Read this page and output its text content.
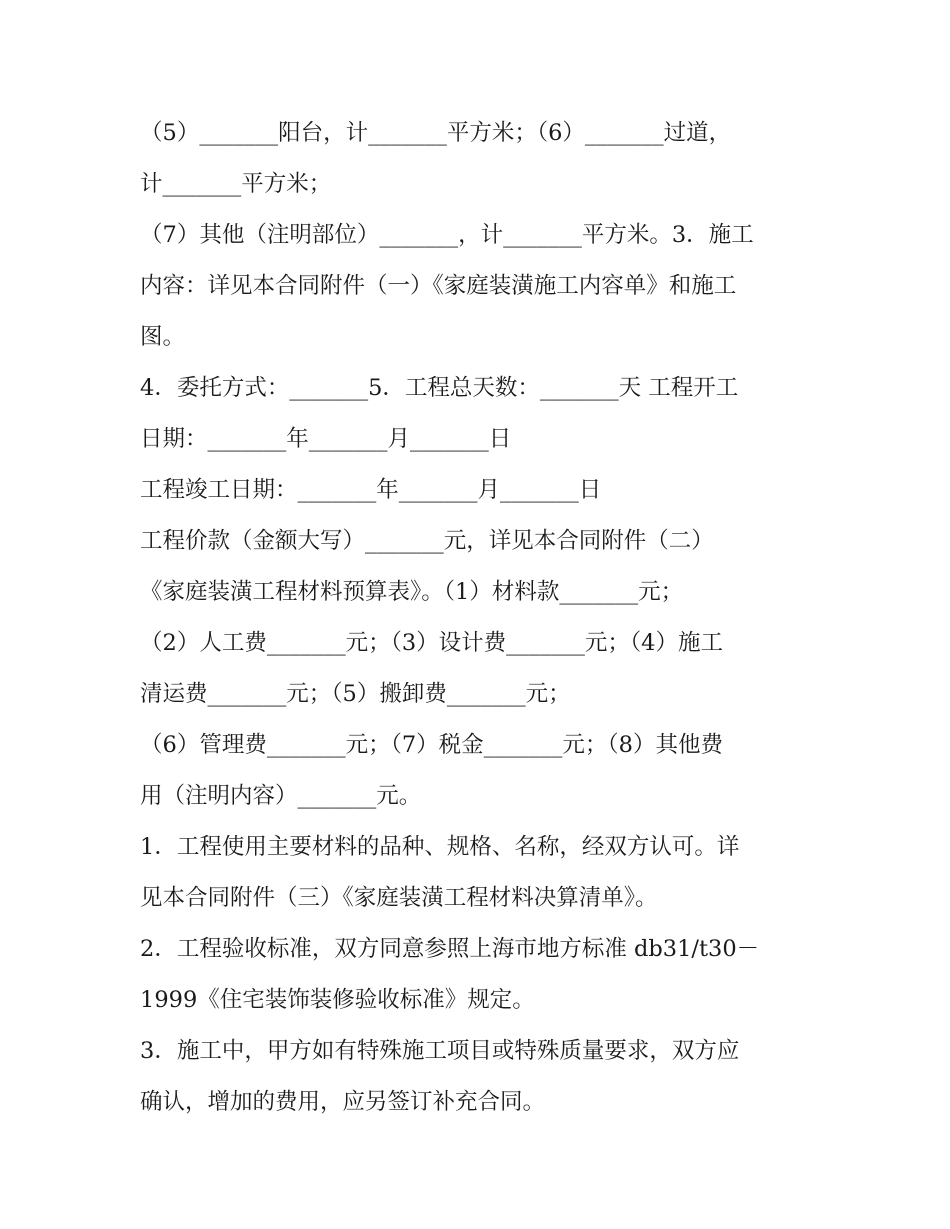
（5）_______阳台，计_______平方米；（6）_______过道，
计_______平方米；
（7）其他（注明部位）_______，计_______平方米。3．施工
内容：详见本合同附件（一）《家庭装潢施工内容单》和施工
图。
4．委托方式：_______5．工程总天数：_______天 工程开工
日期：_______年_______月_______日
工程竣工日期：_______年_______月_______日
工程价款（金额大写）_______元，详见本合同附件（二）
《家庭装潢工程材料预算表》。（1）材料款_______元；
（2）人工费_______元；（3）设计费_______元；（4）施工
清运费_______元；（5）搬卸费_______元；
（6）管理费_______元；（7）税金_______元；（8）其他费
用（注明内容）_______元。
1．工程使用主要材料的品种、规格、名称，经双方认可。详
见本合同附件（三）《家庭装潢工程材料决算清单》。
2．工程验收标准，双方同意参照上海市地方标准 db31/t30－
1999《住宅装饰装修验收标准》规定。
3．施工中，甲方如有特殊施工项目或特殊质量要求，双方应
确认，增加的费用，应另签订补充合同。
